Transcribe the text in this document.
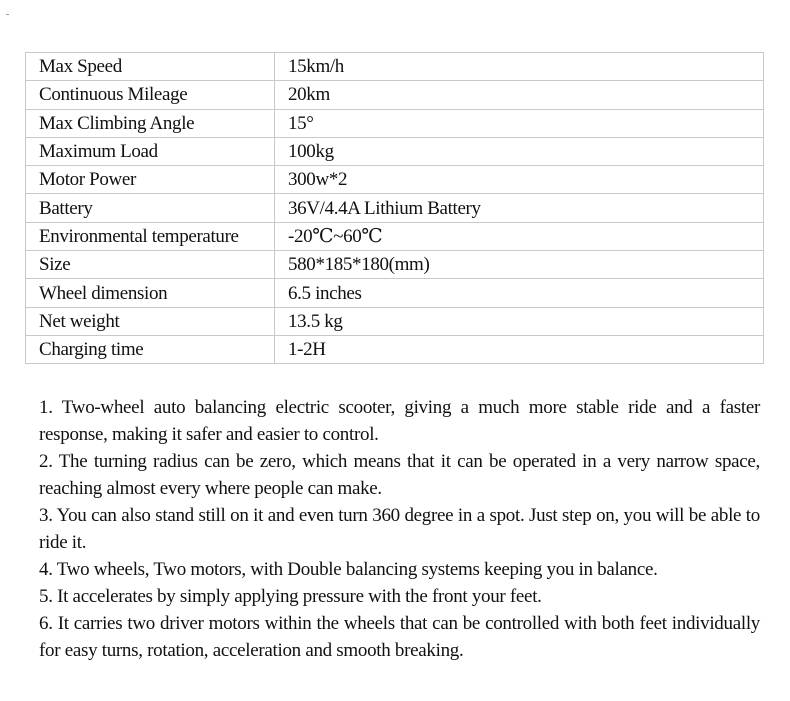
Max Speed	15km/h
Continuous Mileage	20km
Max Climbing Angle	15°
Maximum Load	100kg
Motor Power	300w*2
Battery	36V/4.4A Lithium Battery
Environmental temperature	-20℃~60℃
Size	580*185*180(mm)
Wheel dimension	6.5 inches
Net weight	13.5 kg
Charging time	1-2H
1. Two-wheel auto balancing electric scooter, giving a much more stable ride and a faster response, making it safer and easier to control.
2. The turning radius can be zero, which means that it can be operated in a very narrow space, reaching almost every where people can make.
3. You can also stand still on it and even turn 360 degree in a spot. Just step on, you will be able to ride it.
4. Two wheels, Two motors, with Double balancing systems keeping you in balance.
5. It accelerates by simply applying pressure with the front your feet.
6. It carries two driver motors within the wheels that can be controlled with both feet individually for easy turns, rotation, acceleration and smooth breaking.
